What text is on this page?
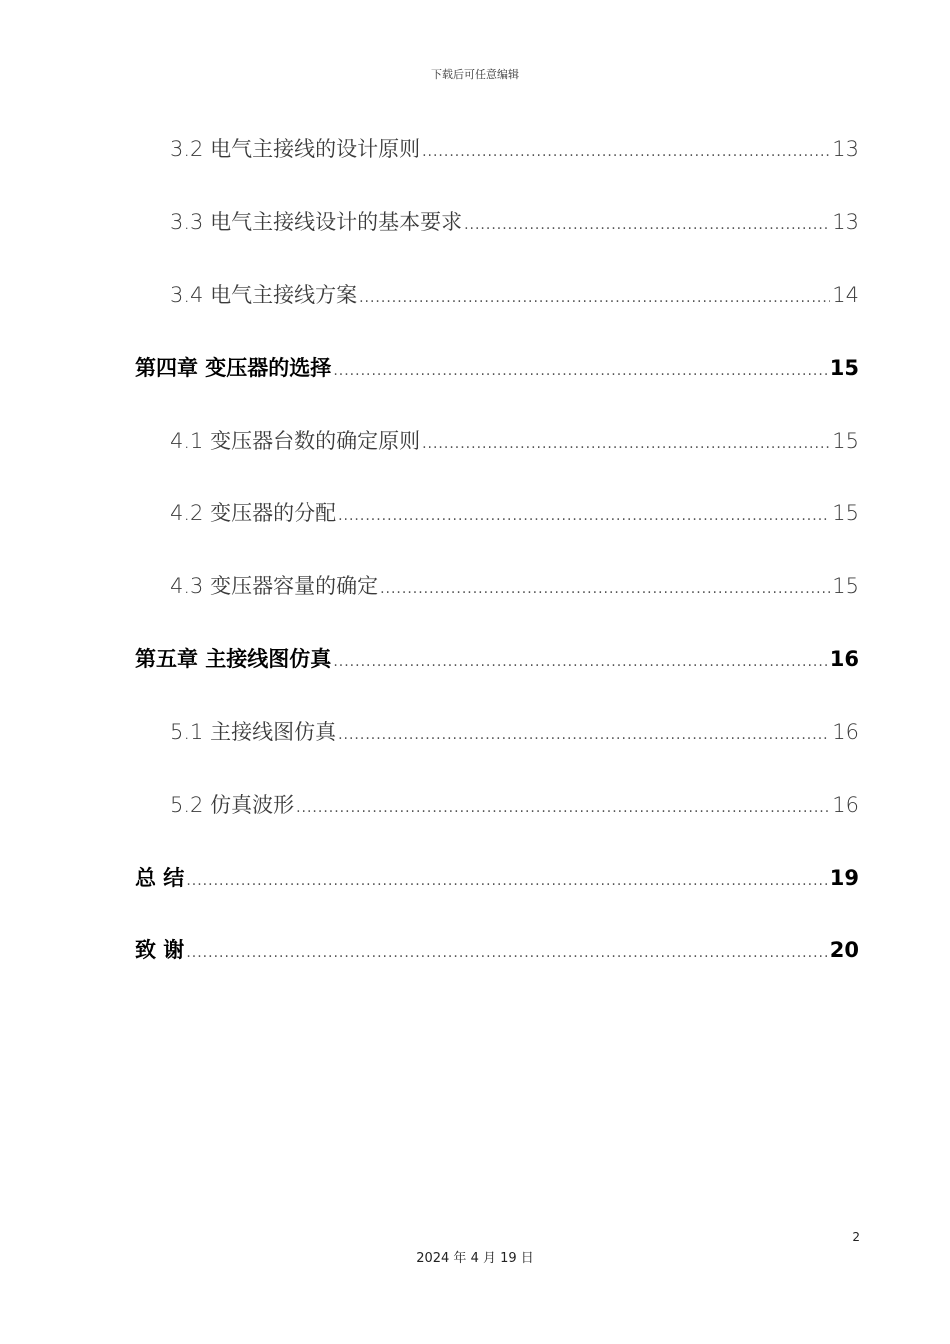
下载后可任意编辑
3.2 电气主接线的设计原则 .....	13
3.3 电气主接线设计的基本要求 .....	13
3.4 电气主接线方案 .....	14
第四章 变压器的选择 .....	15
4.1 变压器台数的确定原则 .....	15
4.2 变压器的分配 .....	15
4.3 变压器容量的确定 .....	15
第五章 主接线图仿真 .....	16
5.1 主接线图仿真 .....	16
5.2 仿真波形 .....	16
总 结 .....	19
致 谢 .....	20
2
2024 年 4 月 19 日
